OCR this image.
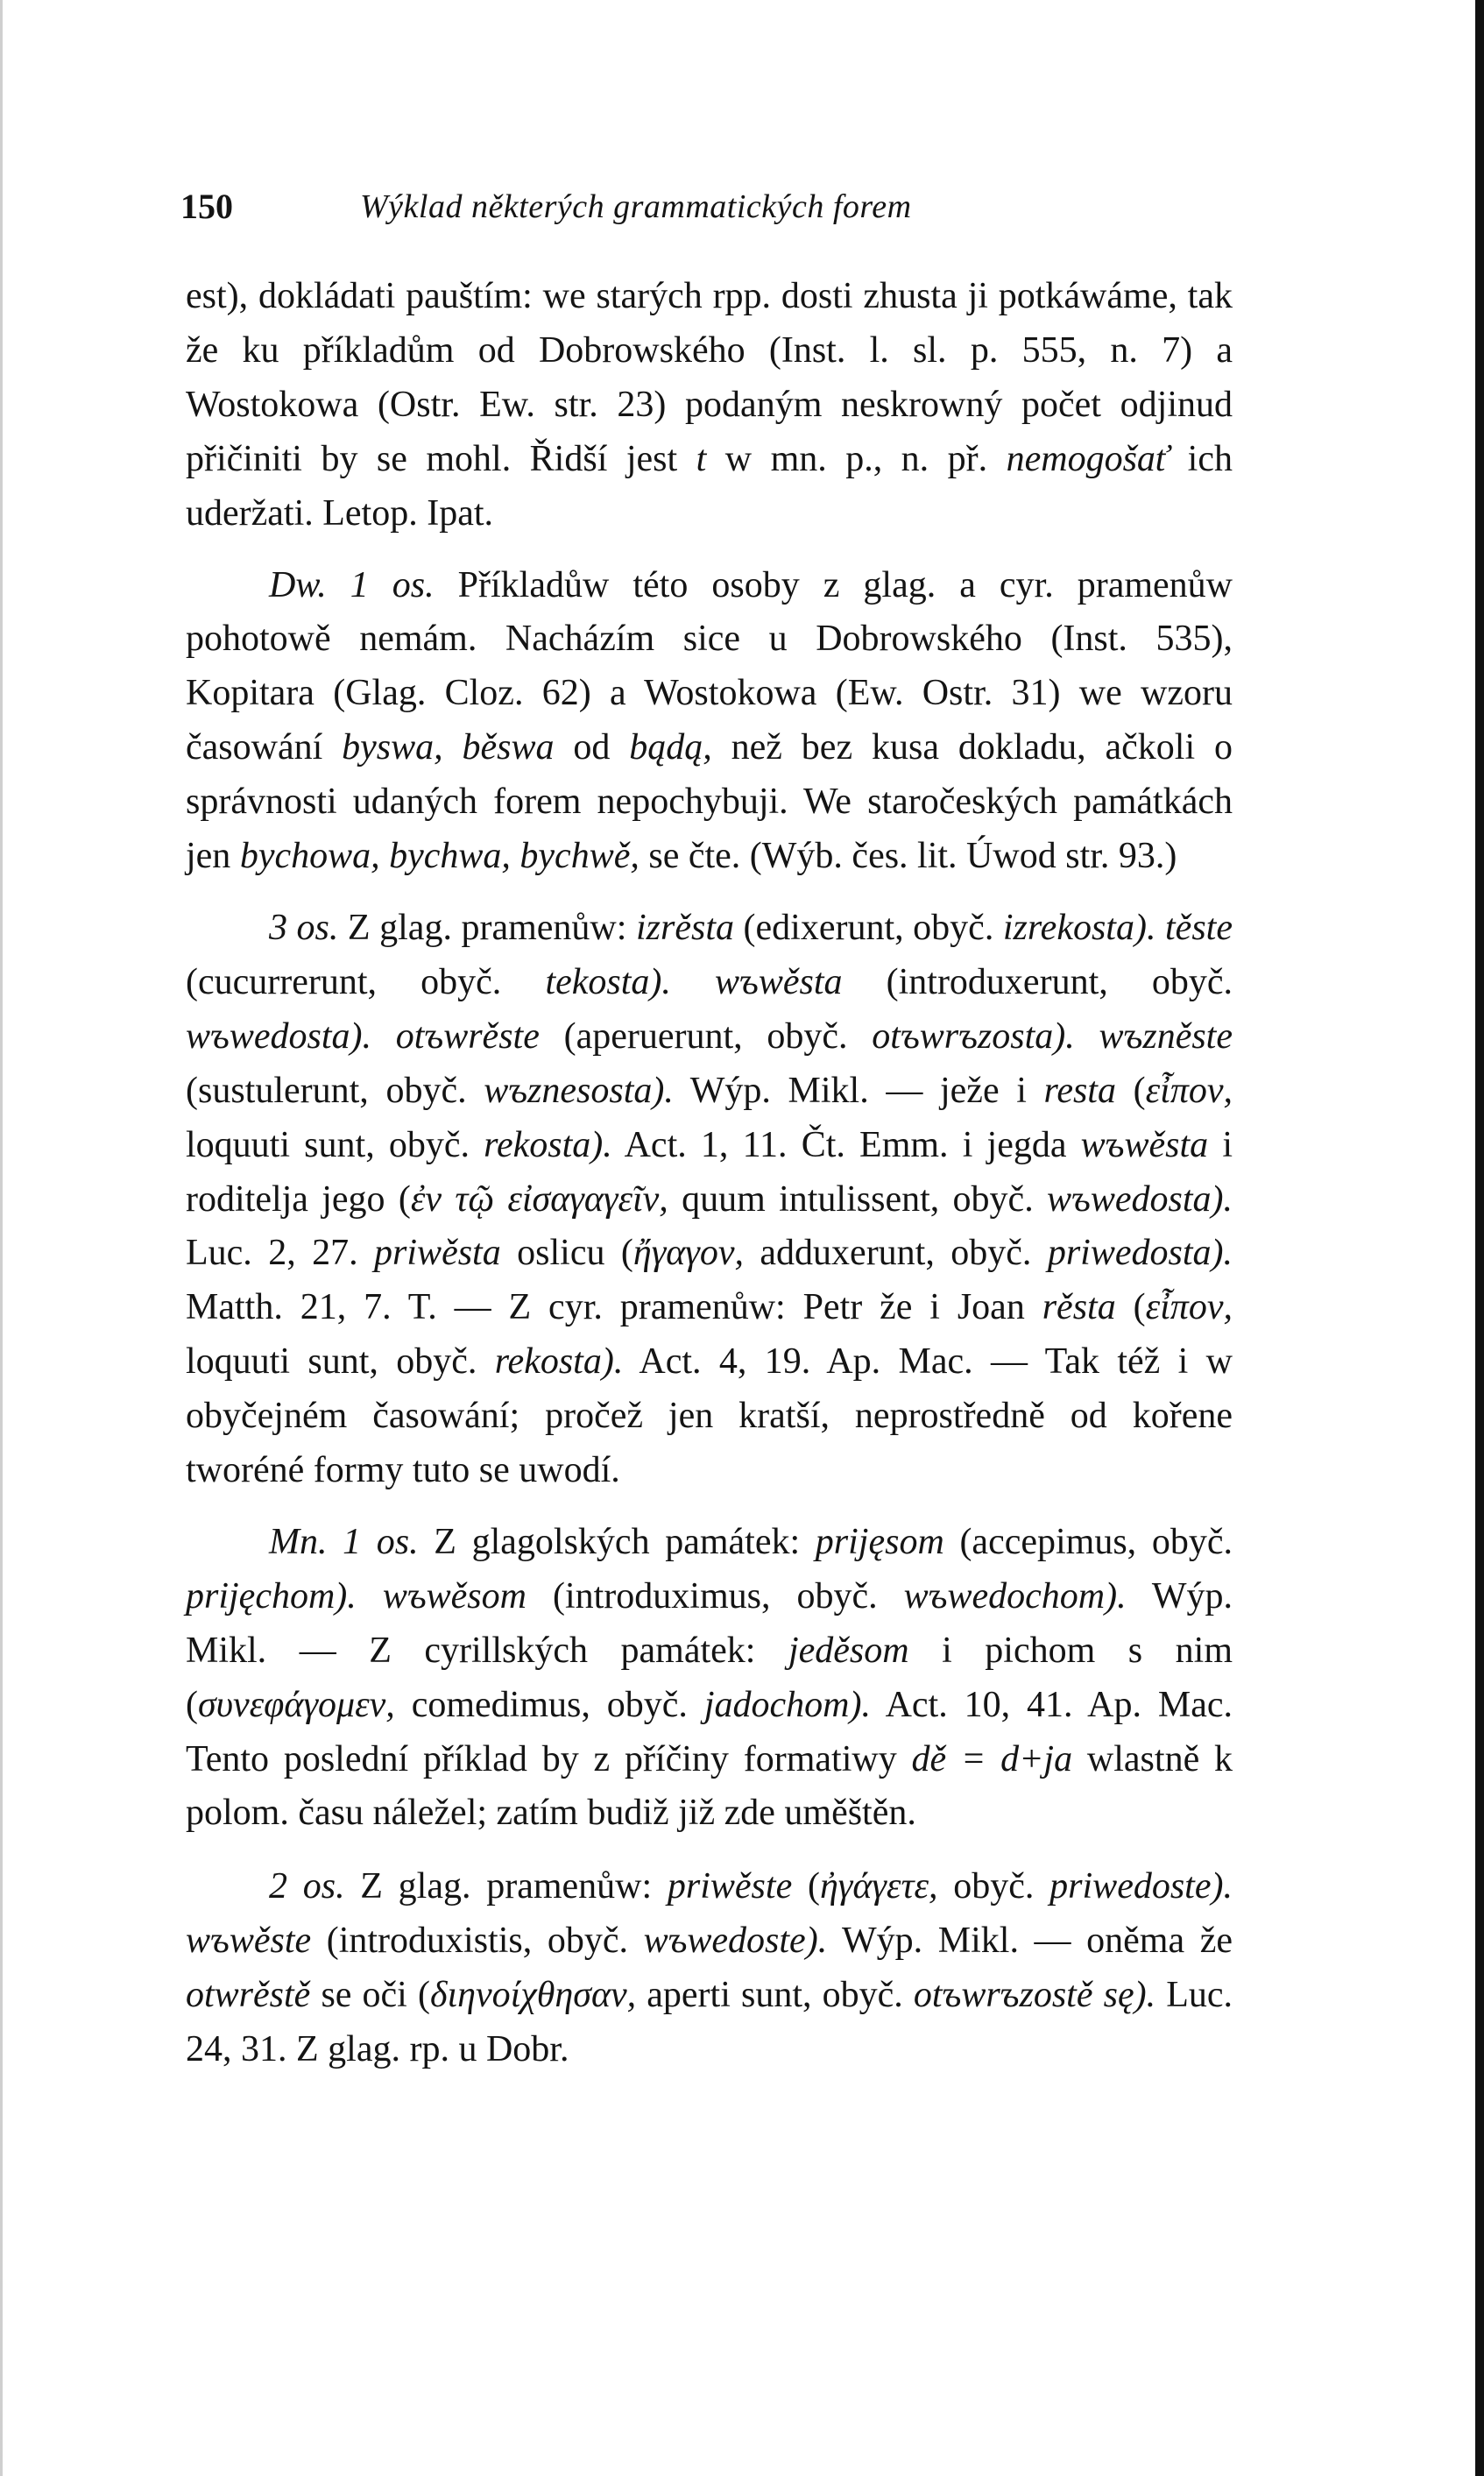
150	Wýklad některých grammatických forem

est), dokládati pauštím: we starých rpp. dosti zhusta ji potkáwáme, tak že ku příkladům od Dobrowského (Inst. l. sl. p. 555, n. 7) a Wostokowa (Ostr. Ew. str. 23) podaným neskrowný počet odjinud přičiniti by se mohl. Řidší jest t w mn. p., n. př. nemogošať ich uderžati. Letop. Ipat.

Dw. 1 os. Příkladůw této osoby z glag. a cyr. pramenůw pohotowě nemám. Nacházím sice u Dobrowského (Inst. 535), Kopitara (Glag. Cloz. 62) a Wostokowa (Ew. Ostr. 31) we wzoru časowání byswa, běswa od bądą, než bez kusa dokladu, ačkoli o správnosti udaných forem nepochybuji. We staročeských památkách jen bychowa, bychwa, bychwě, se čte. (Wýb. čes. lit. Úwod str. 93.)

3 os. Z glag. pramenůw: izrěsta (edixerunt, obyč. izrekosta). těste (cucurrerunt, obyč. tekosta). wъwěsta (introduxerunt, obyč. wъwedosta). otъwrěste (aperuerunt, obyč. otъwrъzosta). wъzněste (sustulerunt, obyč. wъznesosta). Wýp. Mikl. — ježe i resta (εἶπον, loquuti sunt, obyč. rekosta). Act. 1, 11. Čt. Emm. i jegda wъwěsta i roditelja jego (ἐν τῷ εἰσαγαγεῖν, quum intulissent, obyč. wъwedosta). Luc. 2, 27. priwěsta oslicu (ἤγαγον, adduxerunt, obyč. priwedosta). Matth. 21, 7. T. — Z cyr. pramenůw: Petr že i Joan rěsta (εἶπον, loquuti sunt, obyč. rekosta). Act. 4, 19. Ap. Mac. — Tak též i w obyčejném časowání; pročež jen kratší, neprostředně od kořene tworéné formy tuto se uwodí.

Mn. 1 os. Z glagolských památek: prijęsom (accepimus, obyč. prijęchom). wъwěsom (introduximus, obyč. wъwedochom). Wýp. Mikl. — Z cyrillských památek: jeděsom i pichom s nim (συνεφάγομεν, comedimus, obyč. jadochom). Act. 10, 41. Ap. Mac. Tento poslední příklad by z příčiny formatiwy dě = d+ja wlastně k polom. času náležel; zatím budiž již zde uměštěn.

2 os. Z glag. pramenůw: priwěste (ἠγάγετε, obyč. priwedoste). wъwěste (introduxistis, obyč. wъwedoste). Wýp. Mikl. — oněma že otwrěstě se oči (διηνοίχθησαν, aperti sunt, obyč. otъwrъzostě sę). Luc. 24, 31. Z glag. rp. u Dobr.
